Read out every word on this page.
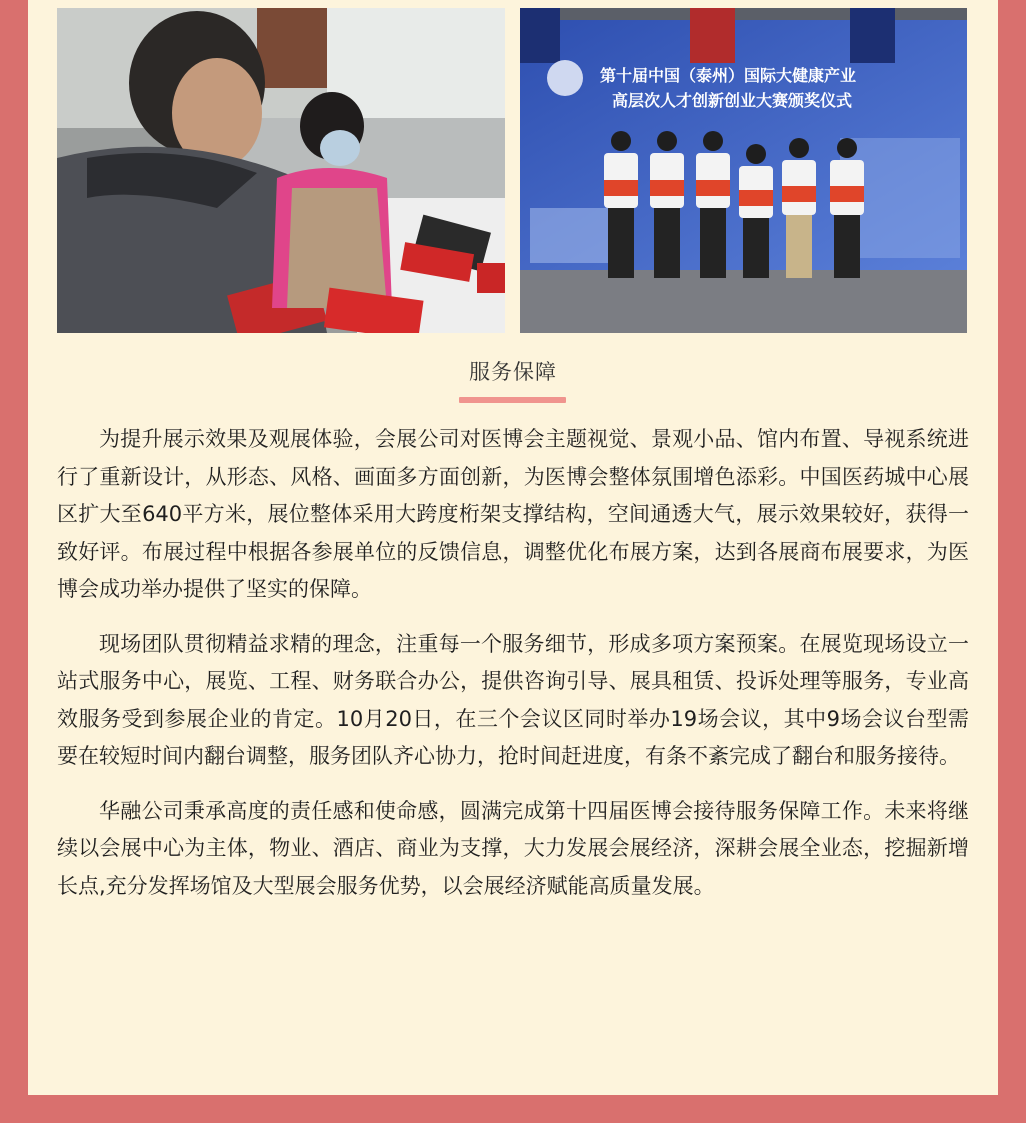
第十届中国（泰州）国际大健康产业
高层次人才创新创业大赛颁奖仪式
服务保障

为提升展示效果及观展体验，会展公司对医博会主题视觉、景观小品、馆内布置、导视系统进行了重新设计，从形态、风格、画面多方面创新，为医博会整体氛围增色添彩。中国医药城中心展区扩大至640平方米，展位整体采用大跨度桁架支撑结构，空间通透大气，展示效果较好，获得一致好评。布展过程中根据各参展单位的反馈信息，调整优化布展方案，达到各展商布展要求，为医博会成功举办提供了坚实的保障。

现场团队贯彻精益求精的理念，注重每一个服务细节，形成多项方案预案。在展览现场设立一站式服务中心，展览、工程、财务联合办公，提供咨询引导、展具租赁、投诉处理等服务，专业高效服务受到参展企业的肯定。10月20日，在三个会议区同时举办19场会议，其中9场会议台型需要在较短时间内翻台调整，服务团队齐心协力，抢时间赶进度，有条不紊完成了翻台和服务接待。

华融公司秉承高度的责任感和使命感，圆满完成第十四届医博会接待服务保障工作。未来将继续以会展中心为主体，物业、酒店、商业为支撑，大力发展会展经济，深耕会展全业态，挖掘新增长点,充分发挥场馆及大型展会服务优势，以会展经济赋能高质量发展。
